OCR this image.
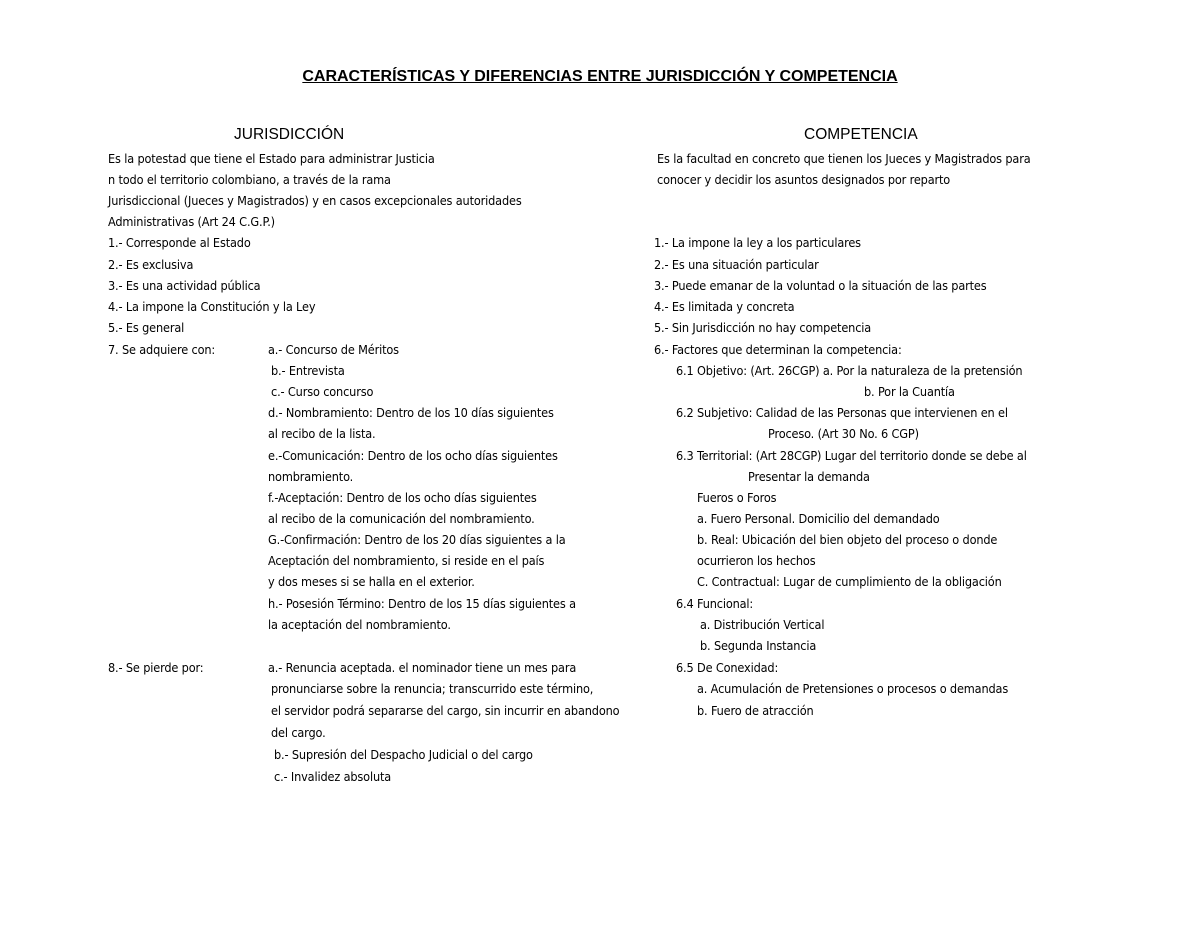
CARACTERÍSTICAS Y DIFERENCIAS ENTRE JURISDICCIÓN Y COMPETENCIA
JURISDICCIÓN	COMPETENCIA
Es la potestad que tiene el Estado para administrar Justicia
n todo el territorio colombiano, a través de la rama
Jurisdiccional (Jueces y Magistrados) y en casos excepcionales autoridades
Administrativas (Art 24 C.G.P.)
1.- Corresponde al Estado
2.- Es exclusiva
3.- Es una actividad pública
4.- La impone la Constitución y la Ley
5.- Es general
7. Se adquiere con:	a.- Concurso de Méritos
b.- Entrevista
c.- Curso concurso
d.- Nombramiento: Dentro de los 10 días siguientes
al recibo de la lista.
e.-Comunicación: Dentro de los ocho días siguientes
nombramiento.
f.-Aceptación: Dentro de los ocho días siguientes
al recibo de la comunicación del nombramiento.
G.-Confirmación: Dentro de los 20 días siguientes a la
Aceptación del nombramiento, si reside en el país
y dos meses si se halla en el exterior.
h.- Posesión Término: Dentro de los 15 días siguientes a
la aceptación del nombramiento.
8.- Se pierde por:	a.- Renuncia aceptada. el nominador tiene un mes para
pronunciarse sobre la renuncia; transcurrido este término,
el servidor podrá separarse del cargo, sin incurrir en abandono
del cargo.
b.- Supresión del Despacho Judicial o del cargo
c.- Invalidez absoluta
Es la facultad en concreto que tienen los Jueces y Magistrados para
conocer y decidir los asuntos designados por reparto
1.- La impone la ley a los particulares
2.- Es una situación particular
3.- Puede emanar de la voluntad o la situación de las partes
4.- Es limitada y concreta
5.- Sin Jurisdicción no hay competencia
6.- Factores que determinan la competencia:
6.1 Objetivo: (Art. 26CGP) a. Por la naturaleza de la pretensión
b. Por la Cuantía
6.2 Subjetivo: Calidad de las Personas que intervienen en el
Proceso. (Art 30 No. 6 CGP)
6.3 Territorial: (Art 28CGP) Lugar del territorio donde se debe al
Presentar la demanda
Fueros o Foros
a. Fuero Personal. Domicilio del demandado
b. Real: Ubicación del bien objeto del proceso o donde
ocurrieron los hechos
C. Contractual: Lugar de cumplimiento de la obligación
6.4 Funcional:
a. Distribución Vertical
b. Segunda Instancia
6.5 De Conexidad:
a. Acumulación de Pretensiones o procesos o demandas
b. Fuero de atracción
